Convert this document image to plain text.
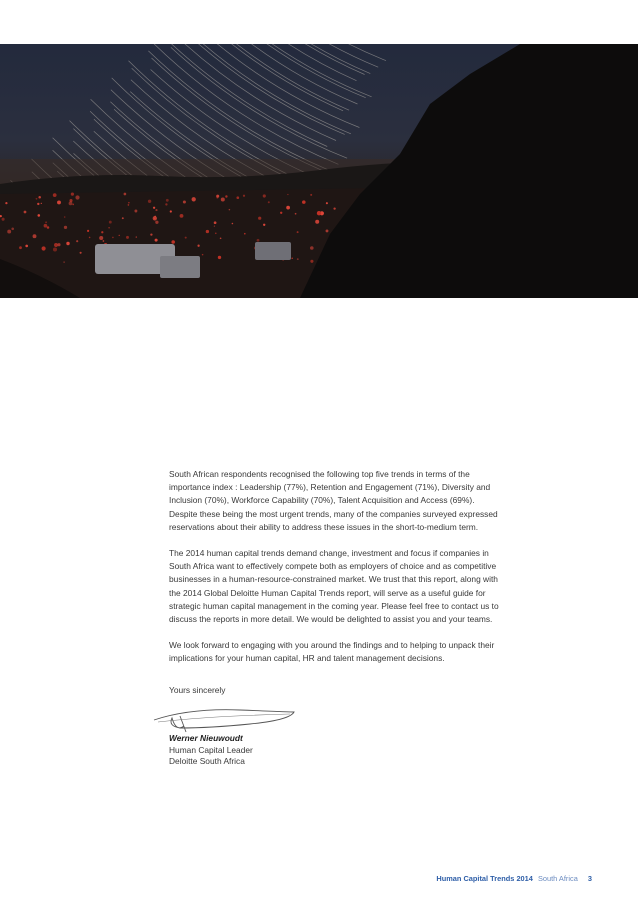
South African respondents recognised the following top five trends in terms of the importance index : Leadership (77%), Retention and Engagement (71%), Diversity and Inclusion (70%), Workforce Capability (70%), Talent Acquisition and Access (69%). Despite these being the most urgent trends, many of the companies surveyed expressed reservations about their ability to address these issues in the short-to-medium term.

The 2014 human capital trends demand change, investment and focus if companies in South Africa want to effectively compete both as employers of choice and as competitive businesses in a human-resource-constrained market. We trust that this report, along with the 2014 Global Deloitte Human Capital Trends report, will serve as a useful guide for strategic human capital management in the coming year. Please feel free to contact us to discuss the reports in more detail. We would be delighted to assist you and your teams.

We look forward to engaging with you around the findings and to helping to unpack their implications for your human capital, HR and talent management decisions.

Yours sincerely
Werner Nieuwoudt
Human Capital Leader
Deloitte South Africa
Human Capital Trends 2014 South Africa 3
